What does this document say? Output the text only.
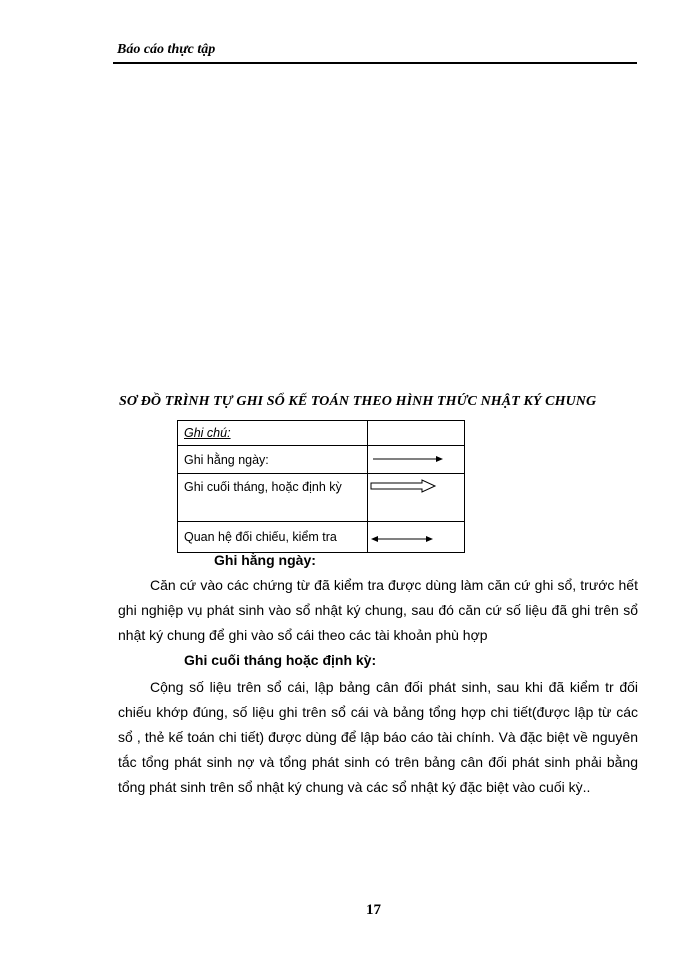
Báo cáo thực tập
SƠ ĐỒ TRÌNH TỰ GHI SỔ KẾ TOÁN THEO HÌNH THỨC NHẬT KÝ CHUNG
Ghi chú:	
Ghi hằng ngày:	
Ghi cuối tháng, hoặc định kỳ	
Quan hệ đối chiếu, kiểm tra	
Ghi hằng ngày:
Căn cứ vào các chứng từ đã kiểm tra được dùng làm căn cứ ghi sổ, trước hết ghi nghiệp vụ phát sinh vào sổ nhật ký chung, sau đó căn cứ số liệu đã ghi trên sổ nhật ký chung để ghi vào sổ cái theo các tài khoản phù hợp
Ghi cuối tháng hoặc định kỳ:
Cộng số liệu trên sổ cái, lập bảng cân đối phát sinh, sau khi đã kiểm tr đối chiếu khớp đúng, số liệu ghi trên sổ cái và bảng tổng hợp chi tiết(được lập từ các sổ , thẻ kế toán chi tiết) được dùng để lập báo cáo tài chính. Và đặc biệt về nguyên tắc tổng phát sinh nợ và tổng phát sinh có trên bảng cân đối phát sinh phải bằng tổng phát sinh trên sổ nhật ký chung và các sổ nhật ký đặc biệt vào cuối kỳ..
17
